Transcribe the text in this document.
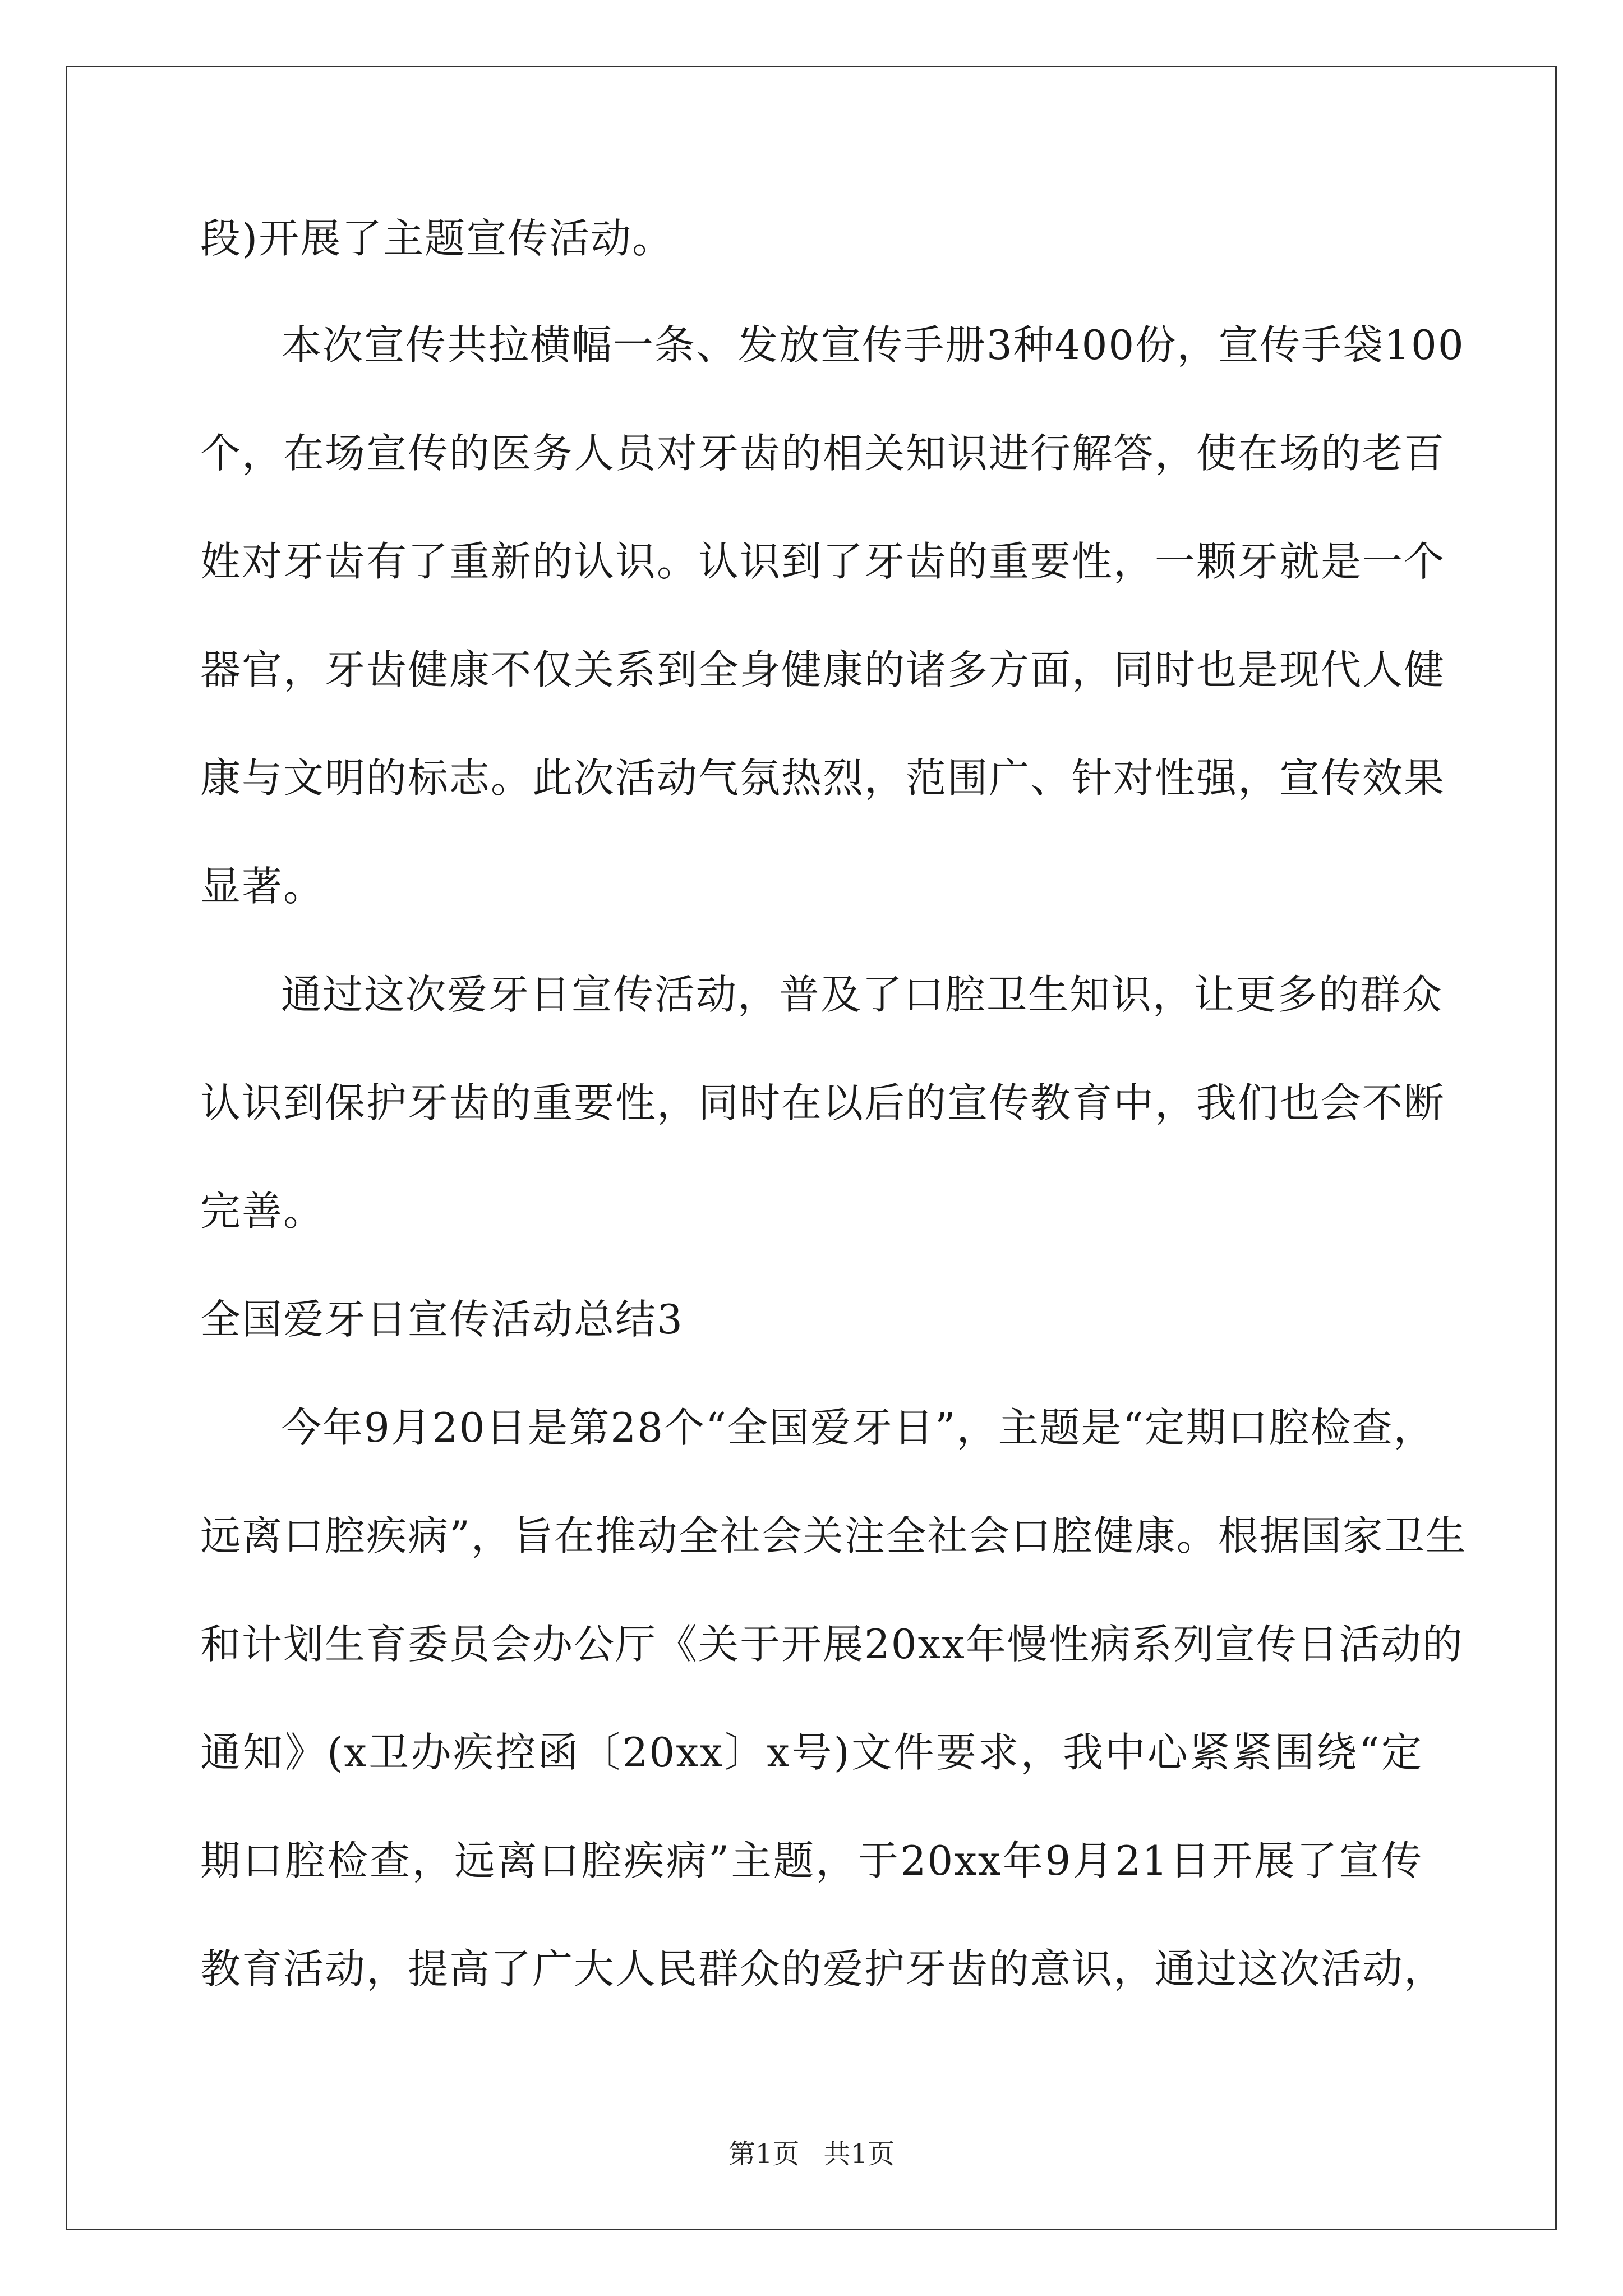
段)开展了主题宣传活动。
本次宣传共拉横幅一条、发放宣传手册3种400份，宣传手袋100
个，在场宣传的医务人员对牙齿的相关知识进行解答，使在场的老百
姓对牙齿有了重新的认识。认识到了牙齿的重要性，一颗牙就是一个
器官，牙齿健康不仅关系到全身健康的诸多方面，同时也是现代人健
康与文明的标志。此次活动气氛热烈，范围广、针对性强，宣传效果
显著。
通过这次爱牙日宣传活动，普及了口腔卫生知识，让更多的群众
认识到保护牙齿的重要性，同时在以后的宣传教育中，我们也会不断
完善。
全国爱牙日宣传活动总结3
今年9月20日是第28个“全国爱牙日”，主题是“定期口腔检查，
远离口腔疾病”，旨在推动全社会关注全社会口腔健康。根据国家卫生
和计划生育委员会办公厅《关于开展20xx年慢性病系列宣传日活动的
通知》(x卫办疾控函〔20xx〕x号)文件要求，我中心紧紧围绕“定
期口腔检查，远离口腔疾病”主题，于20xx年9月21日开展了宣传
教育活动，提高了广大人民群众的爱护牙齿的意识，通过这次活动，
第1页 共1页
